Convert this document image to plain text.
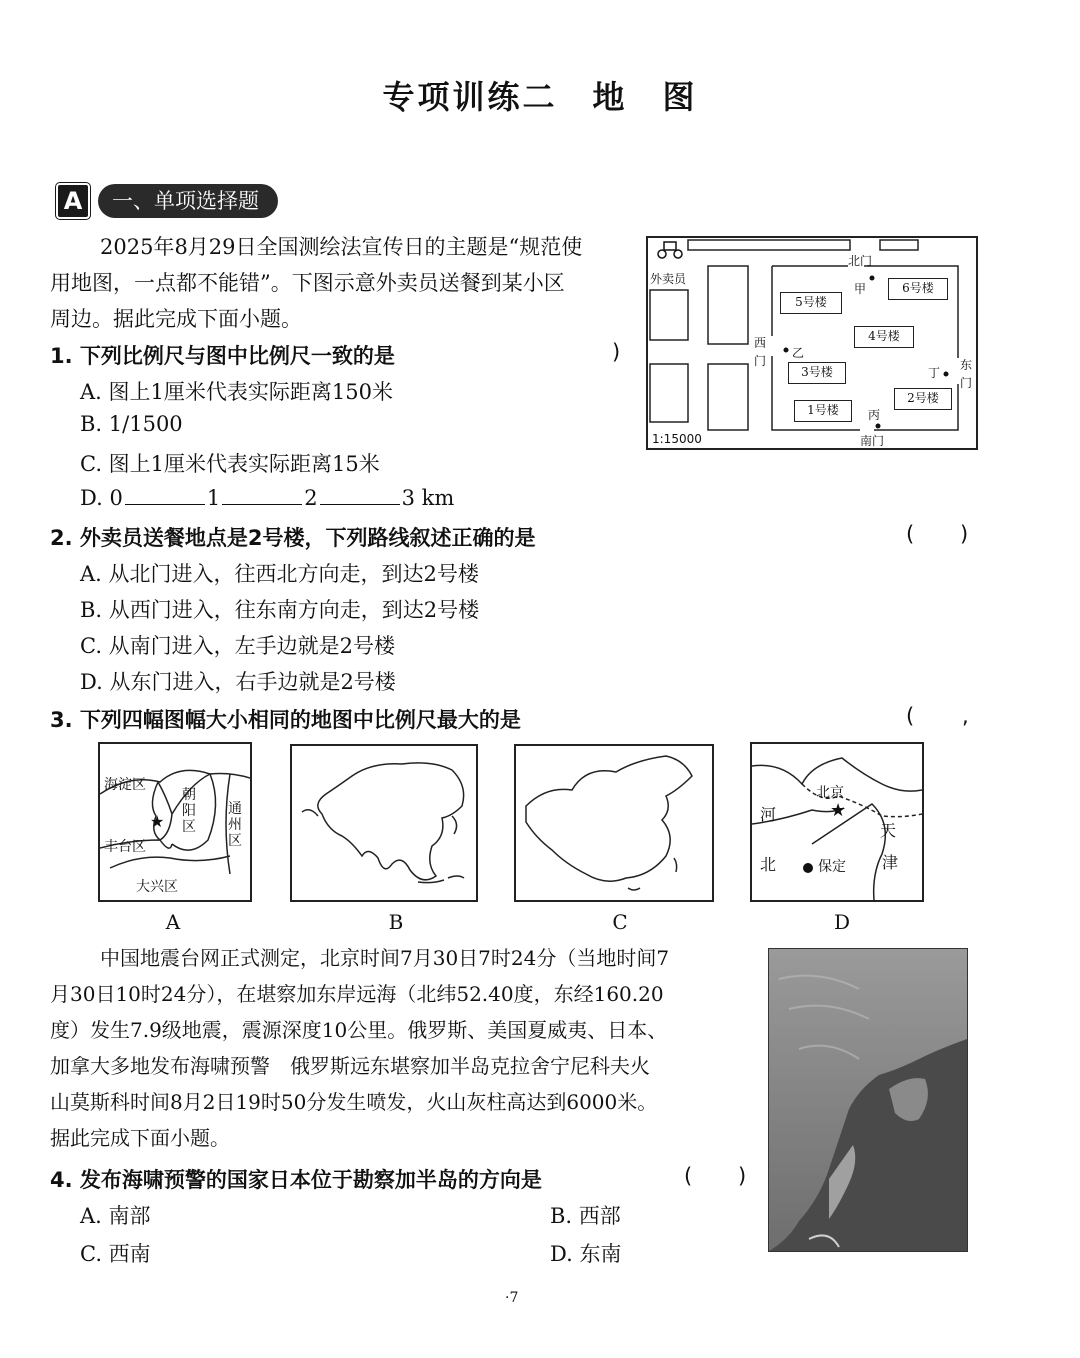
专项训练二　地　图
A	一、单项选择题
2025年8月29日全国测绘法宣传日的主题是“规范使
用地图，一点都不能错”。下图示意外卖员送餐到某小区
周边。据此完成下面小题。
外卖员
北门
甲
西
门
乙
东
门
丁
丙
南门
5号楼
6号楼
4号楼
3号楼
2号楼
1号楼
1:15000
1. 下列比例尺与图中比例尺一致的是	)
A. 图上1厘米代表实际距离150米
B. 1/1500
C. 图上1厘米代表实际距离15米
D. 0	1	2	3 km
2. 外卖员送餐地点是2号楼，下列路线叙述正确的是	( )
A. 从北门进入，往西北方向走，到达2号楼
B. 从西门进入，往东南方向走，到达2号楼
C. 从南门进入，左手边就是2号楼
D. 从东门进入，右手边就是2号楼
3. 下列四幅图幅大小相同的地图中比例尺最大的是	( ,
海淀区
朝
阳
区
通
州
区
★
丰台区
大兴区
A	B	C
北京
★
河
北	保定
天
津
D
中国地震台网正式测定，北京时间7月30日7时24分（当地时间7
月30日10时24分），在堪察加东岸远海（北纬52.40度，东经160.20
度）发生7.9级地震，震源深度10公里。俄罗斯、美国夏威夷、日本、
加拿大多地发布海啸预警　俄罗斯远东堪察加半岛克拉舍宁尼科夫火
山莫斯科时间8月2日19时50分发生喷发，火山灰柱高达到6000米。
据此完成下面小题。
4. 发布海啸预警的国家日本位于勘察加半岛的方向是	( )
A. 南部	B. 西部
C. 西南	D. 东南
·7
